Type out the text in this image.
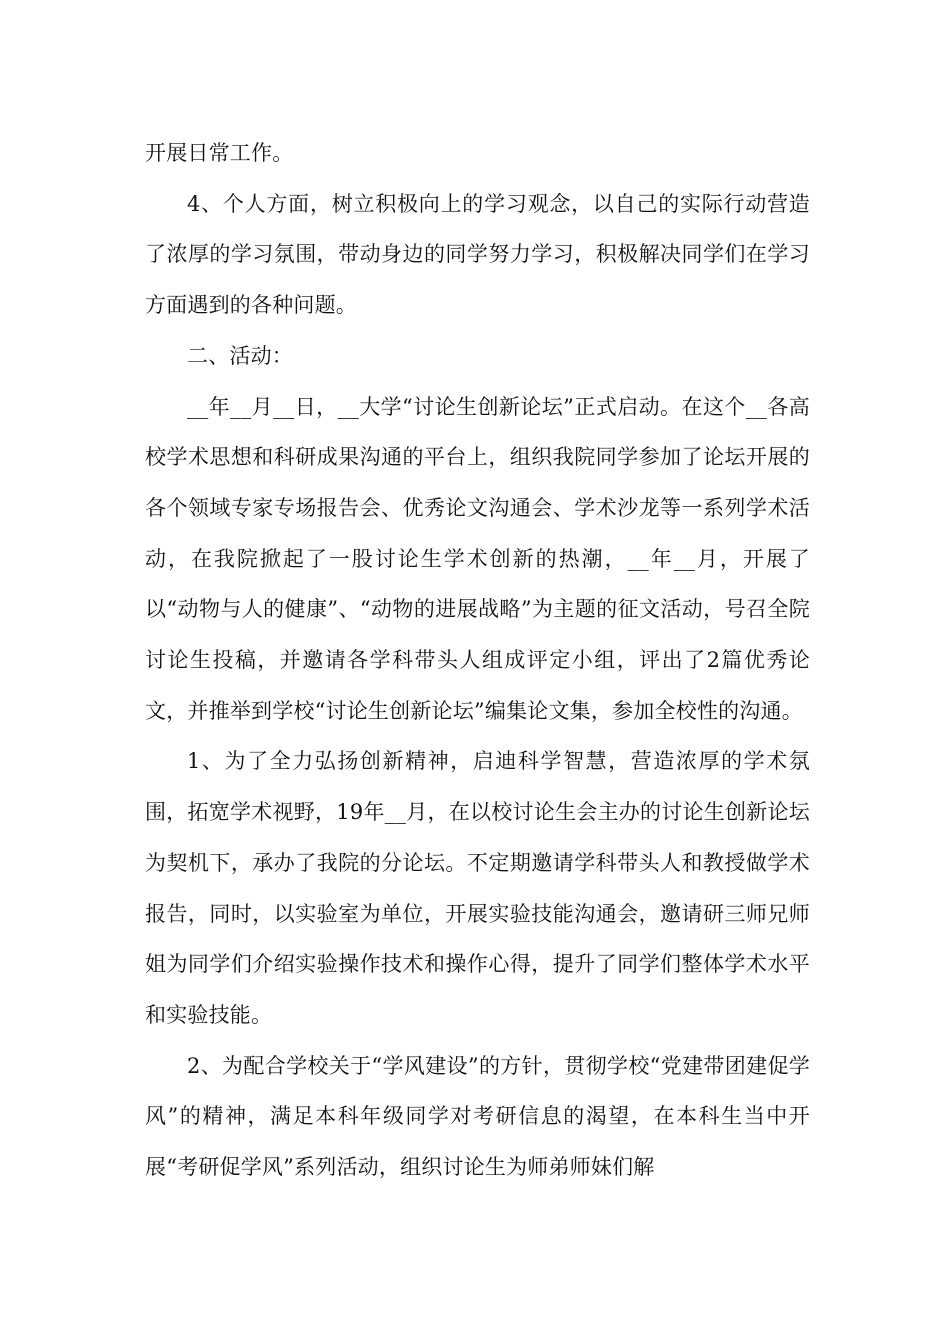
开展日常工作。

4、个人方面，树立积极向上的学习观念，以自己的实际行动营造了浓厚的学习氛围，带动身边的同学努力学习，积极解决同学们在学习方面遇到的各种问题。

二、活动：

__年__月__日，__大学“讨论生创新论坛”正式启动。在这个__各高校学术思想和科研成果沟通的平台上，组织我院同学参加了论坛开展的各个领域专家专场报告会、优秀论文沟通会、学术沙龙等一系列学术活动，在我院掀起了一股讨论生学术创新的热潮，__年__月，开展了以“动物与人的健康”、“动物的进展战略”为主题的征文活动，号召全院讨论生投稿，并邀请各学科带头人组成评定小组，评出了2篇优秀论文，并推举到学校“讨论生创新论坛”编集论文集，参加全校性的沟通。

1、为了全力弘扬创新精神，启迪科学智慧，营造浓厚的学术氛围，拓宽学术视野，19年__月，在以校讨论生会主办的讨论生创新论坛为契机下，承办了我院的分论坛。不定期邀请学科带头人和教授做学术报告，同时，以实验室为单位，开展实验技能沟通会，邀请研三师兄师姐为同学们介绍实验操作技术和操作心得，提升了同学们整体学术水平和实验技能。

2、为配合学校关于“学风建设”的方针，贯彻学校“党建带团建促学风”的精神，满足本科年级同学对考研信息的渴望，在本科生当中开展“考研促学风”系列活动，组织讨论生为师弟师妹们解
